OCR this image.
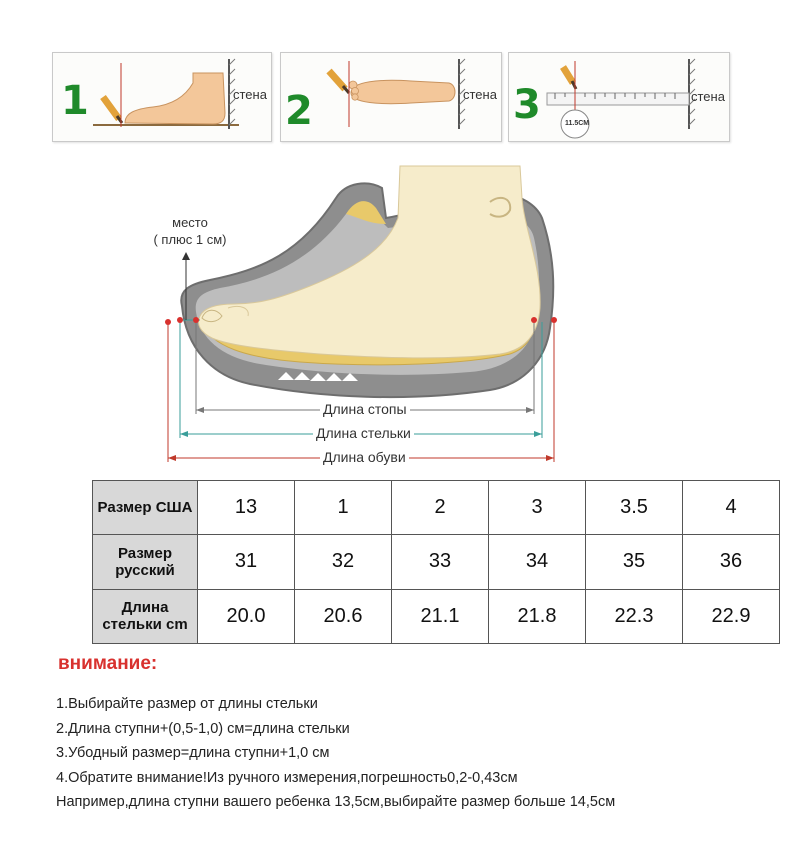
1	стена 2	стена 3	11.5CM
стена
место
( плюс 1 см)
Длина стопы
Длина стельки
Длина обуви
Размер США	13	1	2	3	3.5	4
Размер русский	31	32	33	34	35	36
Длина стельки cm	20.0	20.6	21.1	21.8	22.3	22.9
внимание:
1.Выбирайте размер от длины стельки
2.Длина ступни+(0,5-1,0) см=длина стельки
3.Убодный размер=длина ступни+1,0 см
4.Обратите внимание!Из ручного измерения,погрешность0,2-0,43см
Например,длина ступни вашего ребенка 13,5см,выбирайте размер больше 14,5см
